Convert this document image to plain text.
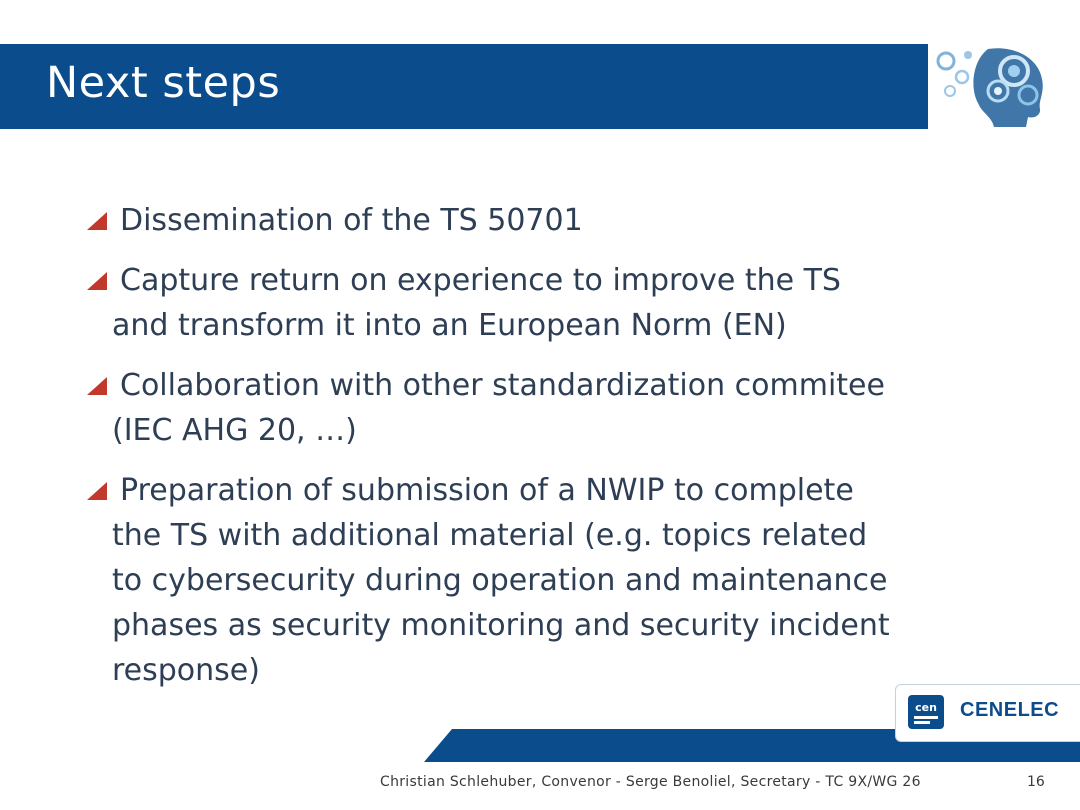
Next steps
Dissemination of the TS 50701
Capture return on experience to improve the TS
and transform it into an European Norm (EN)
Collaboration with other standardization commitee
(IEC AHG 20, …)
Preparation of submission of a NWIP to complete
the TS with additional material (e.g. topics related
to cybersecurity during operation and maintenance
phases as security monitoring and security incident
response)
cen CENELEC
Christian Schlehuber, Convenor - Serge Benoliel, Secretary - TC 9X/WG 26	16
